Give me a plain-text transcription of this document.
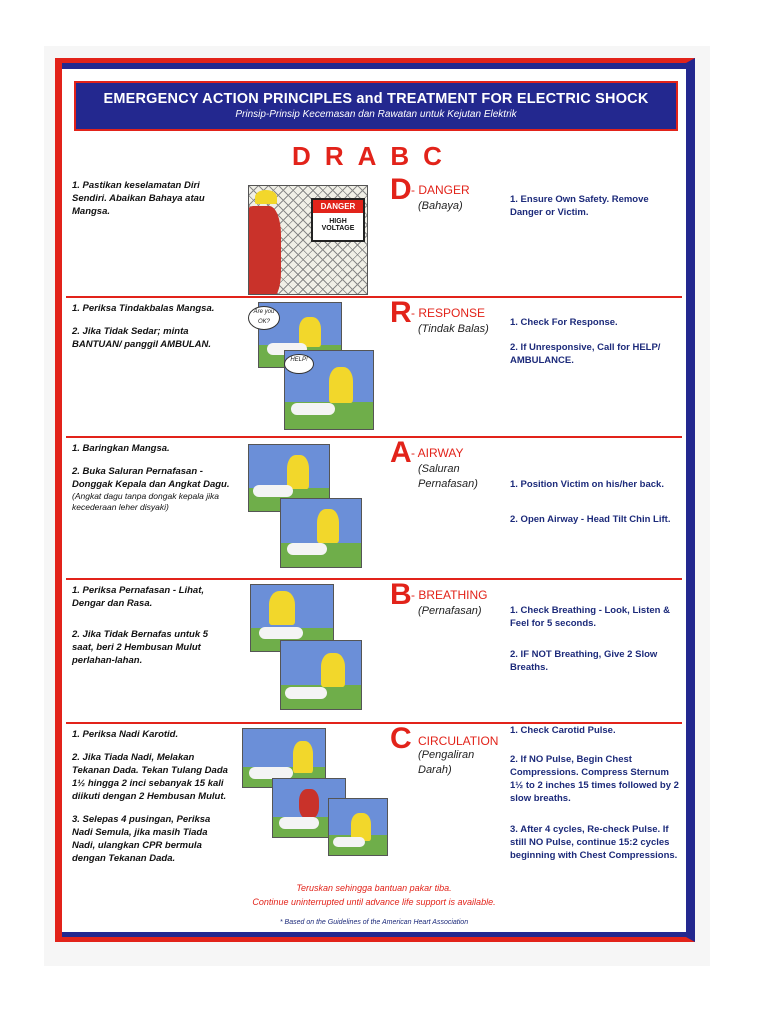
EMERGENCY ACTION PRINCIPLES and TREATMENT FOR ELECTRIC SHOCK
Prinsip-Prinsip Kecemasan dan Rawatan untuk Kejutan Elektrik
DRABC

1. Pastikan keselamatan Diri Sendiri. Abaikan Bahaya atau Mangsa.	DANGER
HIGH VOLTAGE
D - DANGER
(Bahaya)

1. Ensure Own Safety. Remove Danger or Victim.

1. Periksa Tindakbalas Mangsa.

2. Jika Tidak Sedar; minta BANTUAN/ panggil AMBULAN.

Are you OK?
HELP!
R - RESPONSE
(Tindak Balas)

1. Check For Response.

2. If Unresponsive, Call for HELP/ AMBULANCE.

1. Baringkan Mangsa.

2. Buka Saluran Pernafasan - Donggak Kepala dan Angkat Dagu.

(Angkat dagu tanpa dongak kepala jika kecederaan leher disyaki)

A - AIRWAY
(Saluran Pernafasan)	1. Position Victim on his/her back.

2. Open Airway - Head Tilt Chin Lift.

1. Periksa Pernafasan - Lihat, Dengar dan Rasa.

2. Jika Tidak Bernafas untuk 5 saat, beri 2 Hembusan Mulut perlahan-lahan.

B - BREATHING
(Pernafasan)	1. Check Breathing - Look, Listen & Feel for 5 seconds.

2. IF NOT Breathing, Give 2 Slow Breaths.

1. Periksa Nadi Karotid.

2. Jika Tiada Nadi, Melakan Tekanan Dada. Tekan Tulang Dada 1½ hingga 2 inci sebanyak 15 kali diikuti dengan 2 Hembusan Mulut.

3. Selepas 4 pusingan, Periksa Nadi Semula, jika masih Tiada Nadi, ulangkan CPR bermula dengan Tekanan Dada.

C CIRCULATION
(Pengaliran Darah)

1. Check Carotid Pulse.

2. If NO Pulse, Begin Chest Compressions. Compress Sternum 1½ to 2 inches 15 times followed by 2 slow breaths.

3. After 4 cycles, Re-check Pulse. If still NO Pulse, continue 15:2 cycles beginning with Chest Compressions.

Teruskan sehingga bantuan pakar tiba.
Continue uninterrupted until advance life support is available.
* Based on the Guidelines of the American Heart Association
